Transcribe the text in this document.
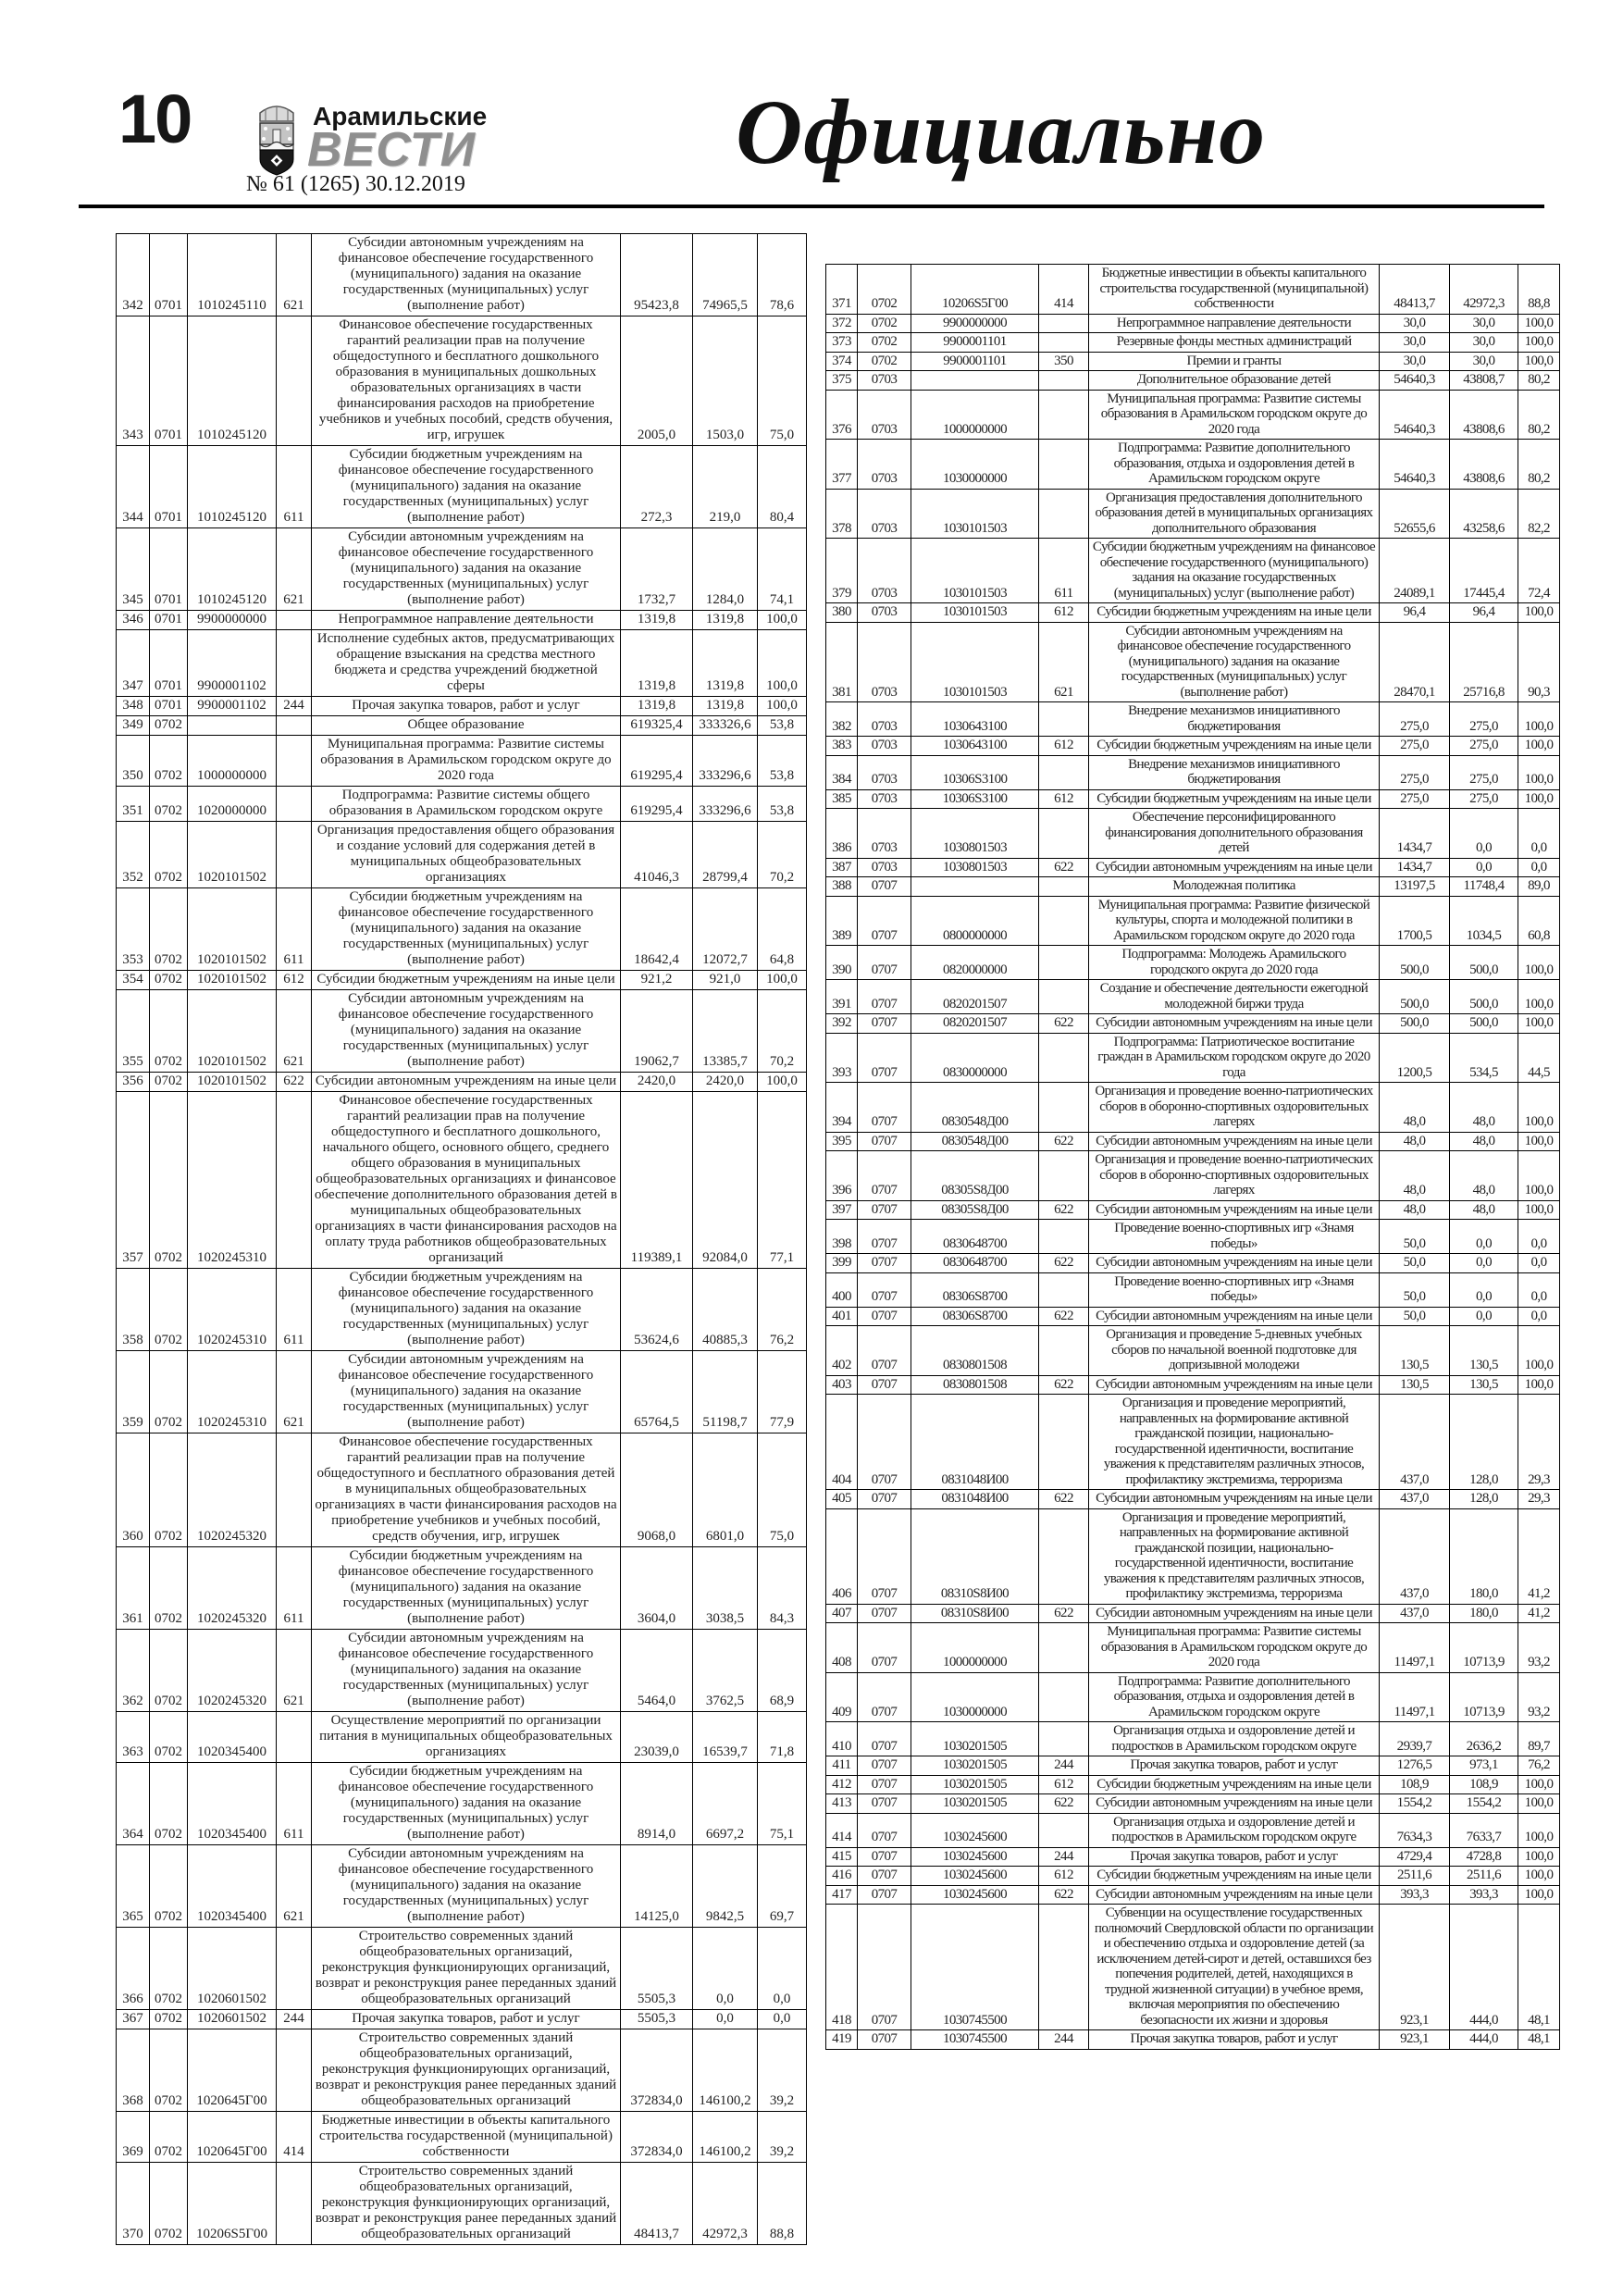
10	Арамильские
ВЕСТИ
№ 61 (1265) 30.12.2019
Официально
342	0701	1010245110	621	Субсидии автономным учреждениям на финансовое обеспечение государственного (муниципального) задания на оказание государственных (муниципальных) услуг (выполнение работ)	95423,8	74965,5	78,6
343	0701	1010245120		Финансовое обеспечение государственных гарантий реализации прав на получение общедоступного и бесплатного дошкольного образования в муниципальных дошкольных образовательных организациях в части финансирования расходов на приобретение учебников и учебных пособий, средств обучения, игр, игрушек	2005,0	1503,0	75,0
344	0701	1010245120	611	Субсидии бюджетным учреждениям на финансовое обеспечение государственного (муниципального) задания на оказание государственных (муниципальных) услуг (выполнение работ)	272,3	219,0	80,4
345	0701	1010245120	621	Субсидии автономным учреждениям на финансовое обеспечение государственного (муниципального) задания на оказание государственных (муниципальных) услуг (выполнение работ)	1732,7	1284,0	74,1
346	0701	9900000000		Непрограммное направление деятельности	1319,8	1319,8	100,0
347	0701	9900001102		Исполнение судебных актов, предусматривающих обращение взыскания на средства местного бюджета и средства учреждений бюджетной сферы	1319,8	1319,8	100,0
348	0701	9900001102	244	Прочая закупка товаров, работ и услуг	1319,8	1319,8	100,0
349	0702			Общее образование	619325,4	333326,6	53,8
350	0702	1000000000		Муниципальная программа: Развитие системы образования в Арамильском городском округе до 2020 года	619295,4	333296,6	53,8
351	0702	1020000000		Подпрограмма: Развитие системы общего образования в Арамильском городском округе	619295,4	333296,6	53,8
352	0702	1020101502		Организация предоставления общего образования и создание условий для содержания детей в муниципальных общеобразовательных организациях	41046,3	28799,4	70,2
353	0702	1020101502	611	Субсидии бюджетным учреждениям на финансовое обеспечение государственного (муниципального) задания на оказание государственных (муниципальных) услуг (выполнение работ)	18642,4	12072,7	64,8
354	0702	1020101502	612	Субсидии бюджетным учреждениям на иные цели	921,2	921,0	100,0
355	0702	1020101502	621	Субсидии автономным учреждениям на финансовое обеспечение государственного (муниципального) задания на оказание государственных (муниципальных) услуг (выполнение работ)	19062,7	13385,7	70,2
356	0702	1020101502	622	Субсидии автономным учреждениям на иные цели	2420,0	2420,0	100,0
357	0702	1020245310		Финансовое обеспечение государственных гарантий реализации прав на получение общедоступного и бесплатного дошкольного, начального общего, основного общего, среднего общего образования в муниципальных общеобразовательных организациях и финансовое обеспечение дополнительного образования детей в муниципальных общеобразовательных организациях в части финансирования расходов на оплату труда работников общеобразовательных организаций	119389,1	92084,0	77,1
358	0702	1020245310	611	Субсидии бюджетным учреждениям на финансовое обеспечение государственного (муниципального) задания на оказание государственных (муниципальных) услуг (выполнение работ)	53624,6	40885,3	76,2
359	0702	1020245310	621	Субсидии автономным учреждениям на финансовое обеспечение государственного (муниципального) задания на оказание государственных (муниципальных) услуг (выполнение работ)	65764,5	51198,7	77,9
360	0702	1020245320		Финансовое обеспечение государственных гарантий реализации прав на получение общедоступного и бесплатного образования детей в муниципальных общеобразовательных организациях в части финансирования расходов на приобретение учебников и учебных пособий, средств обучения, игр, игрушек	9068,0	6801,0	75,0
361	0702	1020245320	611	Субсидии бюджетным учреждениям на финансовое обеспечение государственного (муниципального) задания на оказание государственных (муниципальных) услуг (выполнение работ)	3604,0	3038,5	84,3
362	0702	1020245320	621	Субсидии автономным учреждениям на финансовое обеспечение государственного (муниципального) задания на оказание государственных (муниципальных) услуг (выполнение работ)	5464,0	3762,5	68,9
363	0702	1020345400		Осуществление мероприятий по организации питания в муниципальных общеобразовательных организациях	23039,0	16539,7	71,8
364	0702	1020345400	611	Субсидии бюджетным учреждениям на финансовое обеспечение государственного (муниципального) задания на оказание государственных (муниципальных) услуг (выполнение работ)	8914,0	6697,2	75,1
365	0702	1020345400	621	Субсидии автономным учреждениям на финансовое обеспечение государственного (муниципального) задания на оказание государственных (муниципальных) услуг (выполнение работ)	14125,0	9842,5	69,7
366	0702	1020601502		Строительство современных зданий общеобразовательных организаций, реконструкция функционирующих организаций, возврат и реконструкция ранее переданных зданий общеобразовательных организаций	5505,3	0,0	0,0
367	0702	1020601502	244	Прочая закупка товаров, работ и услуг	5505,3	0,0	0,0
368	0702	1020645Г00		Строительство современных зданий общеобразовательных организаций, реконструкция функционирующих организаций, возврат и реконструкция ранее переданных зданий общеобразовательных организаций	372834,0	146100,2	39,2
369	0702	1020645Г00	414	Бюджетные инвестиции в объекты капитального строительства государственной (муниципальной) собственности	372834,0	146100,2	39,2
370	0702	10206S5Г00		Строительство современных зданий общеобразовательных организаций, реконструкция функционирующих организаций, возврат и реконструкция ранее переданных зданий общеобразовательных организаций	48413,7	42972,3	88,8
371	0702	10206S5Г00	414	Бюджетные инвестиции в объекты капитального строительства государственной (муниципальной) собственности	48413,7	42972,3	88,8
372	0702	9900000000		Непрограммное направление деятельности	30,0	30,0	100,0
373	0702	9900001101		Резервные фонды местных администраций	30,0	30,0	100,0
374	0702	9900001101	350	Премии и гранты	30,0	30,0	100,0
375	0703			Дополнительное образование детей	54640,3	43808,7	80,2
376	0703	1000000000		Муниципальная программа: Развитие системы образования в Арамильском городском округе до 2020 года	54640,3	43808,6	80,2
377	0703	1030000000		Подпрограмма: Развитие дополнительного образования, отдыха и оздоровления детей в Арамильском городском округе	54640,3	43808,6	80,2
378	0703	1030101503		Организация предоставления дополнительного образования детей в муниципальных организациях дополнительного образования	52655,6	43258,6	82,2
379	0703	1030101503	611	Субсидии бюджетным учреждениям на финансовое обеспечение государственного (муниципального) задания на оказание государственных (муниципальных) услуг (выполнение работ)	24089,1	17445,4	72,4
380	0703	1030101503	612	Субсидии бюджетным учреждениям на иные цели	96,4	96,4	100,0
381	0703	1030101503	621	Субсидии автономным учреждениям на финансовое обеспечение государственного (муниципального) задания на оказание государственных (муниципальных) услуг (выполнение работ)	28470,1	25716,8	90,3
382	0703	1030643100		Внедрение механизмов инициативного бюджетирования	275,0	275,0	100,0
383	0703	1030643100	612	Субсидии бюджетным учреждениям на иные цели	275,0	275,0	100,0
384	0703	10306S3100		Внедрение механизмов инициативного бюджетирования	275,0	275,0	100,0
385	0703	10306S3100	612	Субсидии бюджетным учреждениям на иные цели	275,0	275,0	100,0
386	0703	1030801503		Обеспечение персонифицированного финансирования дополнительного образования детей	1434,7	0,0	0,0
387	0703	1030801503	622	Субсидии автономным учреждениям на иные цели	1434,7	0,0	0,0
388	0707			Молодежная политика	13197,5	11748,4	89,0
389	0707	0800000000		Муниципальная программа: Развитие физической культуры, спорта и молодежной политики в Арамильском городском округе до 2020 года	1700,5	1034,5	60,8
390	0707	0820000000		Подпрограмма: Молодежь Арамильского городского округа до 2020 года	500,0	500,0	100,0
391	0707	0820201507		Создание и обеспечение деятельности ежегодной молодежной биржи труда	500,0	500,0	100,0
392	0707	0820201507	622	Субсидии автономным учреждениям на иные цели	500,0	500,0	100,0
393	0707	0830000000		Подпрограмма: Патриотическое воспитание граждан в Арамильском городском округе до 2020 года	1200,5	534,5	44,5
394	0707	0830548Д00		Организация и проведение военно-патриотических сборов в оборонно-спортивных оздоровительных лагерях	48,0	48,0	100,0
395	0707	0830548Д00	622	Субсидии автономным учреждениям на иные цели	48,0	48,0	100,0
396	0707	08305S8Д00		Организация и проведение военно-патриотических сборов в оборонно-спортивных оздоровительных лагерях	48,0	48,0	100,0
397	0707	08305S8Д00	622	Субсидии автономным учреждениям на иные цели	48,0	48,0	100,0
398	0707	0830648700		Проведение военно-спортивных игр «Знамя победы»	50,0	0,0	0,0
399	0707	0830648700	622	Субсидии автономным учреждениям на иные цели	50,0	0,0	0,0
400	0707	08306S8700		Проведение военно-спортивных игр «Знамя победы»	50,0	0,0	0,0
401	0707	08306S8700	622	Субсидии автономным учреждениям на иные цели	50,0	0,0	0,0
402	0707	0830801508		Организация и проведение 5-дневных учебных сборов по начальной военной подготовке для допризывной молодежи	130,5	130,5	100,0
403	0707	0830801508	622	Субсидии автономным учреждениям на иные цели	130,5	130,5	100,0
404	0707	0831048И00		Организация и проведение мероприятий, направленных на формирование активной гражданской позиции, национально-государственной идентичности, воспитание уважения к представителям различных этносов, профилактику экстремизма, терроризма	437,0	128,0	29,3
405	0707	0831048И00	622	Субсидии автономным учреждениям на иные цели	437,0	128,0	29,3
406	0707	08310S8И00		Организация и проведение мероприятий, направленных на формирование активной гражданской позиции, национально-государственной идентичности, воспитание уважения к представителям различных этносов, профилактику экстремизма, терроризма	437,0	180,0	41,2
407	0707	08310S8И00	622	Субсидии автономным учреждениям на иные цели	437,0	180,0	41,2
408	0707	1000000000		Муниципальная программа: Развитие системы образования в Арамильском городском округе до 2020 года	11497,1	10713,9	93,2
409	0707	1030000000		Подпрограмма: Развитие дополнительного образования, отдыха и оздоровления детей в Арамильском городском округе	11497,1	10713,9	93,2
410	0707	1030201505		Организация отдыха и оздоровление детей и подростков в Арамильском городском округе	2939,7	2636,2	89,7
411	0707	1030201505	244	Прочая закупка товаров, работ и услуг	1276,5	973,1	76,2
412	0707	1030201505	612	Субсидии бюджетным учреждениям на иные цели	108,9	108,9	100,0
413	0707	1030201505	622	Субсидии автономным учреждениям на иные цели	1554,2	1554,2	100,0
414	0707	1030245600		Организация отдыха и оздоровление детей и подростков в Арамильском городском округе	7634,3	7633,7	100,0
415	0707	1030245600	244	Прочая закупка товаров, работ и услуг	4729,4	4728,8	100,0
416	0707	1030245600	612	Субсидии бюджетным учреждениям на иные цели	2511,6	2511,6	100,0
417	0707	1030245600	622	Субсидии автономным учреждениям на иные цели	393,3	393,3	100,0
418	0707	1030745500		Субвенции на осуществление государственных полномочий Свердловской области по организации и обеспечению отдыха и оздоровление детей (за исключением детей-сирот и детей, оставшихся без попечения родителей, детей, находящихся в трудной жизненной ситуации) в учебное время, включая мероприятия по обеспечению безопасности их жизни и здоровья	923,1	444,0	48,1
419	0707	1030745500	244	Прочая закупка товаров, работ и услуг	923,1	444,0	48,1
